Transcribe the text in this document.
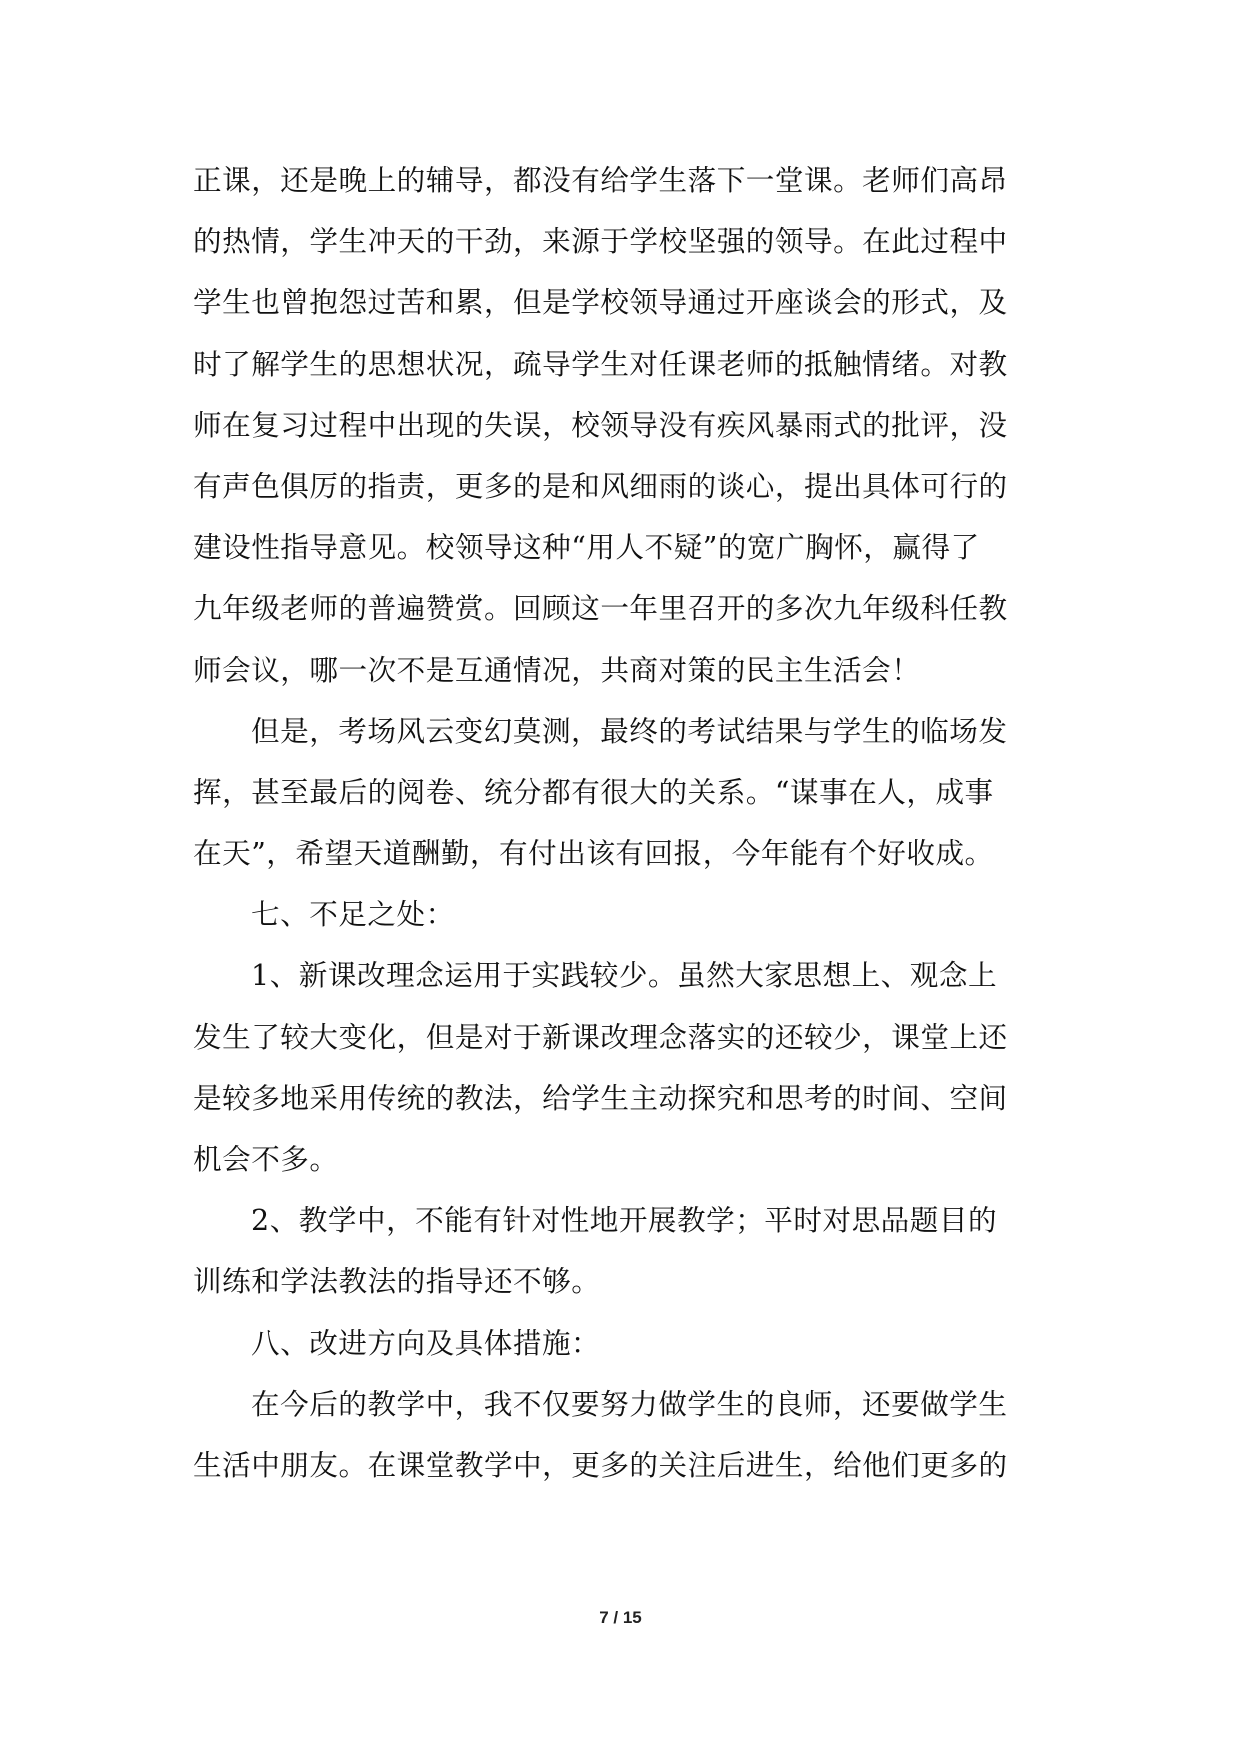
正课，还是晚上的辅导，都没有给学生落下一堂课。老师们高昂
的热情，学生冲天的干劲，来源于学校坚强的领导。在此过程中
学生也曾抱怨过苦和累，但是学校领导通过开座谈会的形式，及
时了解学生的思想状况，疏导学生对任课老师的抵触情绪。对教
师在复习过程中出现的失误，校领导没有疾风暴雨式的批评，没
有声色俱厉的指责，更多的是和风细雨的谈心，提出具体可行的
建设性指导意见。校领导这种“用人不疑”的宽广胸怀，赢得了
九年级老师的普遍赞赏。回顾这一年里召开的多次九年级科任教
师会议，哪一次不是互通情况，共商对策的民主生活会！
但是，考场风云变幻莫测，最终的考试结果与学生的临场发
挥，甚至最后的阅卷、统分都有很大的关系。“谋事在人，成事
在天”，希望天道酬勤，有付出该有回报，今年能有个好收成。
七、不足之处：
1、新课改理念运用于实践较少。虽然大家思想上、观念上
发生了较大变化，但是对于新课改理念落实的还较少，课堂上还
是较多地采用传统的教法，给学生主动探究和思考的时间、空间
机会不多。
2、教学中，不能有针对性地开展教学；平时对思品题目的
训练和学法教法的指导还不够。
八、改进方向及具体措施：
在今后的教学中，我不仅要努力做学生的良师，还要做学生
生活中朋友。在课堂教学中，更多的关注后进生，给他们更多的
7 / 15
